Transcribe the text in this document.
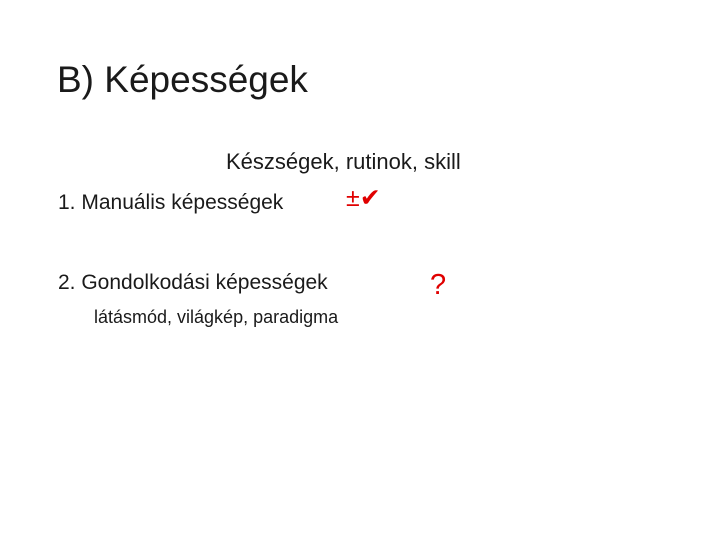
B) Képességek
Készségek, rutinok, skill
1. Manuális képességek	±✔
2. Gondolkodási képességek	?
látásmód, világkép, paradigma
